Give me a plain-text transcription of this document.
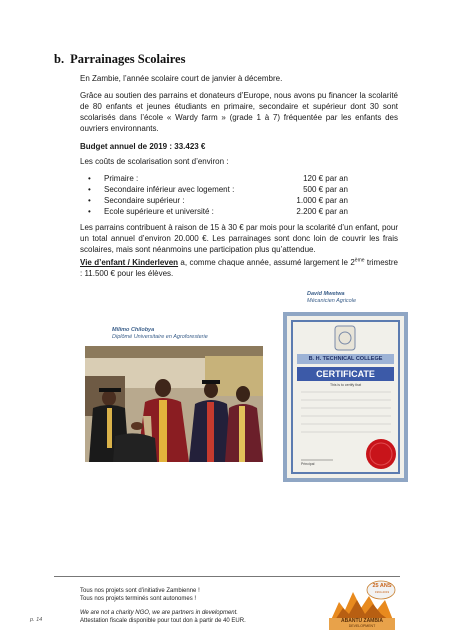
b. Parrainages Scolaires
En Zambie, l’année scolaire court de janvier à décembre.
Grâce au soutien des parrains et donateurs d’Europe, nous avons pu financer la scolarité de 80 enfants et jeunes étudiants en primaire, secondaire et supérieur dont 30 sont scolarisés dans l’école « Wardy farm » (grade 1 à 7) fréquentée par les enfants des ouvriers environnants.
Budget annuel de 2019 : 33.423 €
Les coûts de scolarisation sont d’environ :
• Primaire :	120 € par an
• Secondaire inférieur avec logement :	500 € par an
• Secondaire supérieur :	1.000 € par an
• Ecole supérieure et université :	2.200 € par an
Les parrains contribuent à raison de 15 à 30 € par mois pour la scolarité d’un enfant, pour un total annuel d’environ 20.000 €. Les parrainages sont donc loin de couvrir les frais scolaires, mais sont néanmoins une participation plus qu’attendue.
Vie d’enfant / Kinderleven a, comme chaque année, assumé largement le 2ème trimestre : 11.500 € pour les élèves.
David Mwetwa
Mécanicien Agricole
Milimo Chilobya
Diplômé Universitaire en Agroforesterie
B. H. TECHNICAL COLLEGE
CERTIFICATE
This is to certify that
Principal
Tous nos projets sont d’initiative Zambienne !
Tous nos projets terminés sont autonomes !
We are not a charity NGO, we are partners in development.
Attestation fiscale disponible pour tout don à partir de 40 EUR.
p. 14
25 ANS
1994-2019
ABANTU ZAMBIA
DEVELOPMENT
